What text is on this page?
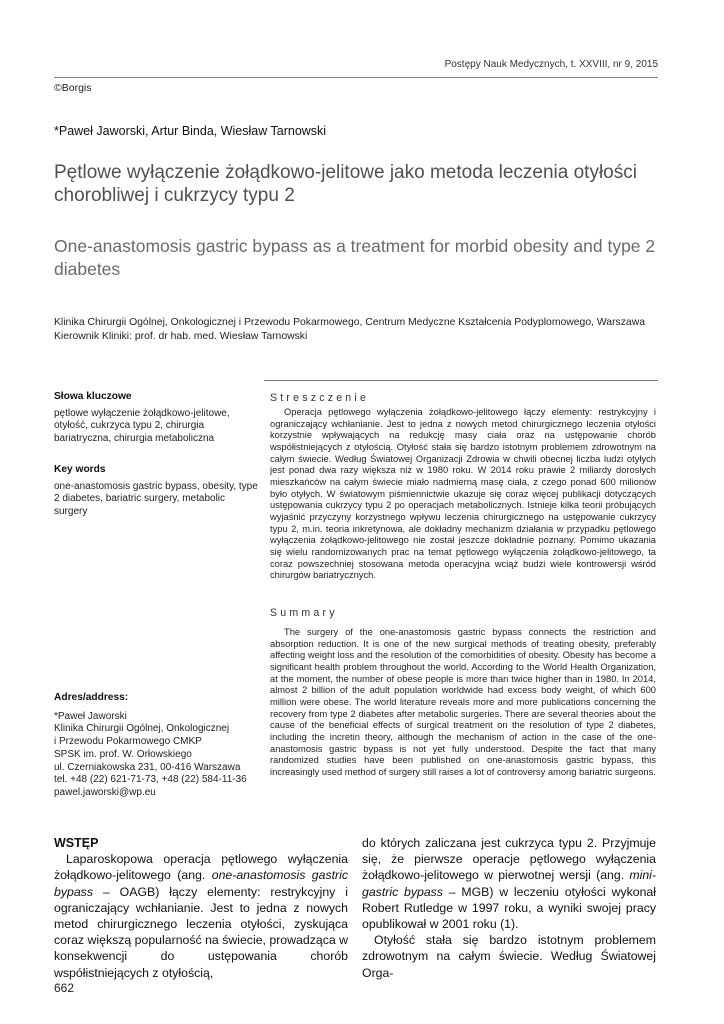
Postępy Nauk Medycznych, t. XXVIII, nr 9, 2015
©Borgis
*Paweł Jaworski, Artur Binda, Wiesław Tarnowski
Pętlowe wyłączenie żołądkowo-jelitowe jako metoda leczenia otyłości chorobliwej i cukrzycy typu 2
One-anastomosis gastric bypass as a treatment for morbid obesity and type 2 diabetes
Klinika Chirurgii Ogólnej, Onkologicznej i Przewodu Pokarmowego, Centrum Medyczne Kształcenia Podyplomowego, Warszawa
Kierownik Kliniki: prof. dr hab. med. Wiesław Tarnowski
Słowa kluczowe
pętlowe wyłączenie żołądkowo-jelitowe, otyłość, cukrzyca typu 2, chirurgia bariatryczna, chirurgia metaboliczna
Key words
one-anastomosis gastric bypass, obesity, type 2 diabetes, bariatric surgery, metabolic surgery
Adres/address:
*Paweł Jaworski
Klinika Chirurgii Ogólnej, Onkologicznej
i Przewodu Pokarmowego CMKP
SPSK im. prof. W. Orłowskiego
ul. Czerniakowska 231, 00-416 Warszawa
tel. +48 (22) 621-71-73, +48 (22) 584-11-36
pawel.jaworski@wp.eu
Streszczenie

Operacja pętlowego wyłączenia żołądkowo-jelitowego łączy elementy: restrykcyjny i ograniczający wchłanianie. Jest to jedna z nowych metod chirurgicznego leczenia otyłości korzystnie wpływających na redukcję masy ciała oraz na ustępowanie chorób współistniejących z otyłością. Otyłość stała się bardzo istotnym problemem zdrowotnym na całym świecie. Według Światowej Organizacji Zdrowia w chwili obecnej liczba ludzi otyłych jest ponad dwa razy większa niż w 1980 roku. W 2014 roku prawie 2 miliardy dorosłych mieszkańców na całym świecie miało nadmierną masę ciała, z czego ponad 600 milionów było otyłych. W światowym piśmiennictwie ukazuje się coraz więcej publikacji dotyczących ustępowania cukrzycy typu 2 po operacjach metabolicznych. Istnieje kilka teorii próbujących wyjaśnić przyczyny korzystnego wpływu leczenia chirurgicznego na ustępowanie cukrzycy typu 2, m.in. teoria inkretynowa, ale dokładny mechanizm działania w przypadku pętlowego wyłączenia żołądkowo-jelitowego nie został jeszcze dokładnie poznany. Pomimo ukazania się wielu randomizowanych prac na temat pętlowego wyłączenia żołądkowo-jelitowego, ta coraz powszechniej stosowana metoda operacyjna wciąż budzi wiele kontrowersji wśród chirurgów bariatrycznych.

Summary

The surgery of the one-anastomosis gastric bypass connects the restriction and absorption reduction. It is one of the new surgical methods of treating obesity, preferably affecting weight loss and the resolution of the comorbidities of obesity. Obesity has become a significant health problem throughout the world. According to the World Health Organization, at the moment, the number of obese people is more than twice higher than in 1980. In 2014, almost 2 billion of the adult population worldwide had excess body weight, of which 600 million were obese. The world literature reveals more and more publications concerning the recovery from type 2 diabetes after metabolic surgeries. There are several theories about the cause of the beneficial effects of surgical treatment on the resolution of type 2 diabetes, including the incretin theory, although the mechanism of action in the case of the one-anastomosis gastric bypass is not yet fully understood. Despite the fact that many randomized studies have been published on one-anastomosis gastric bypass, this increasingly used method of surgery still raises a lot of controversy among bariatric surgeons.

WSTĘP

Laparoskopowa operacja pętlowego wyłączenia żołądkowo-jelitowego (ang. one-anastomosis gastric bypass – OAGB) łączy elementy: restrykcyjny i ograniczający wchłanianie. Jest to jedna z nowych metod chirurgicznego leczenia otyłości, zyskująca coraz większą popularność na świecie, prowadząca w konsekwencji do ustępowania chorób współistniejących z otyłością,

do których zaliczana jest cukrzyca typu 2. Przyjmuje się, że pierwsze operacje pętlowego wyłączenia żołądkowo-jelitowego w pierwotnej wersji (ang. mini-gastric bypass – MGB) w leczeniu otyłości wykonał Robert Rutledge w 1997 roku, a wyniki swojej pracy opublikował w 2001 roku (1).

Otyłość stała się bardzo istotnym problemem zdrowotnym na całym świecie. Według Światowej Orga-

662
